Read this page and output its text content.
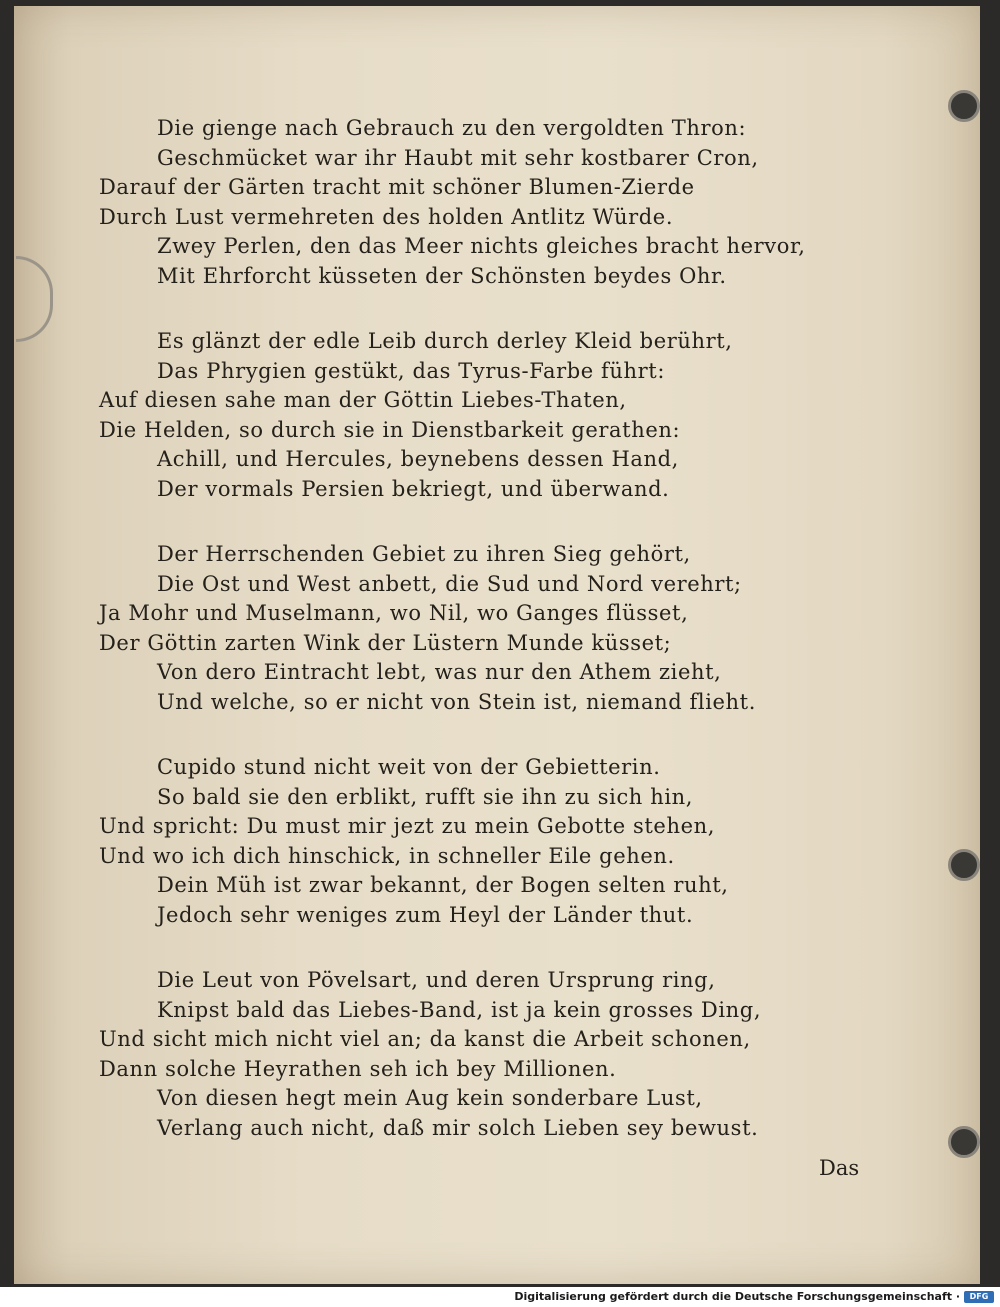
Die gienge nach Gebrauch zu den vergoldten Thron:
Geschmücket war ihr Haubt mit sehr kostbarer Cron,
Darauf der Gärten tracht mit schöner Blumen-Zierde
Durch Lust vermehreten des holden Antlitz Würde.
Zwey Perlen, den das Meer nichts gleiches bracht hervor,
Mit Ehrforcht küsseten der Schönsten beydes Ohr.
Es glänzt der edle Leib durch derley Kleid berührt,
Das Phrygien gestükt, das Tyrus-Farbe führt:
Auf diesen sahe man der Göttin Liebes-Thaten,
Die Helden, so durch sie in Dienstbarkeit gerathen:
Achill, und Hercules, beynebens dessen Hand,
Der vormals Persien bekriegt, und überwand.
Der Herrschenden Gebiet zu ihren Sieg gehört,
Die Ost und West anbett, die Sud und Nord verehrt;
Ja Mohr und Muselmann, wo Nil, wo Ganges flüsset,
Der Göttin zarten Wink der Lüstern Munde küsset;
Von dero Eintracht lebt, was nur den Athem zieht,
Und welche, so er nicht von Stein ist, niemand flieht.
Cupido stund nicht weit von der Gebietterin.
So bald sie den erblikt, rufft sie ihn zu sich hin,
Und spricht: Du must mir jezt zu mein Gebotte stehen,
Und wo ich dich hinschick, in schneller Eile gehen.
Dein Müh ist zwar bekannt, der Bogen selten ruht,
Jedoch sehr weniges zum Heyl der Länder thut.
Die Leut von Pövelsart, und deren Ursprung ring,
Knipst bald das Liebes-Band, ist ja kein grosses Ding,
Und sicht mich nicht viel an; da kanst die Arbeit schonen,
Dann solche Heyrathen seh ich bey Millionen.
Von diesen hegt mein Aug kein sonderbare Lust,
Verlang auch nicht, daß mir solch Lieben sey bewust.
Das
Digitalisierung gefördert durch die Deutsche Forschungsgemeinschaft ·	DFG
